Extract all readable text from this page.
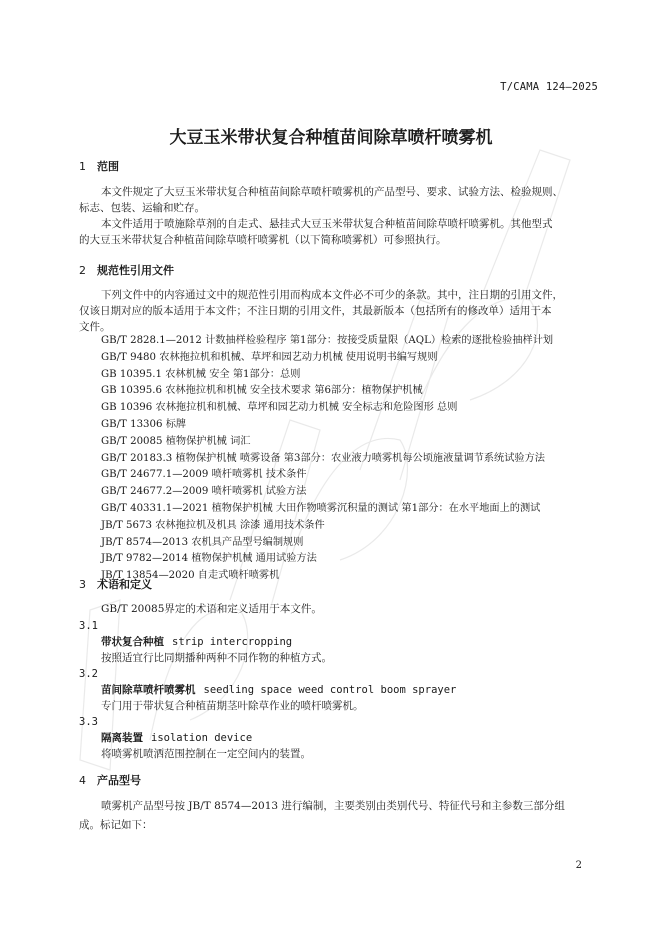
T/CAMA 124—2025
大豆玉米带状复合种植苗间除草喷杆喷雾机
1 范围
本文件规定了大豆玉米带状复合种植苗间除草喷杆喷雾机的产品型号、要求、试验方法、检验规则、
标志、包装、运输和贮存。
本文件适用于喷施除草剂的自走式、悬挂式大豆玉米带状复合种植苗间除草喷杆喷雾机。其他型式
的大豆玉米带状复合种植苗间除草喷杆喷雾机（以下简称喷雾机）可参照执行。
2 规范性引用文件
下列文件中的内容通过文中的规范性引用而构成本文件必不可少的条款。其中，注日期的引用文件，
仅该日期对应的版本适用于本文件；不注日期的引用文件，其最新版本（包括所有的修改单）适用于本
文件。
GB/T 2828.1—2012 计数抽样检验程序 第1部分：按接受质量限（AQL）检索的逐批检验抽样计划
GB/T 9480 农林拖拉机和机械、草坪和园艺动力机械 使用说明书编写规则
GB 10395.1 农林机械 安全 第1部分：总则
GB 10395.6 农林拖拉机和机械 安全技术要求 第6部分：植物保护机械
GB 10396 农林拖拉机和机械、草坪和园艺动力机械 安全标志和危险图形 总则
GB/T 13306 标牌
GB/T 20085 植物保护机械 词汇
GB/T 20183.3 植物保护机械 喷雾设备 第3部分：农业液力喷雾机每公顷施液量调节系统试验方法
GB/T 24677.1—2009 喷杆喷雾机 技术条件
GB/T 24677.2—2009 喷杆喷雾机 试验方法
GB/T 40331.1—2021 植物保护机械 大田作物喷雾沉积量的测试 第1部分：在水平地面上的测试
JB/T 5673 农林拖拉机及机具 涂漆 通用技术条件
JB/T 8574—2013 农机具产品型号编制规则
JB/T 9782—2014 植物保护机械 通用试验方法
JB/T 13854—2020 自走式喷杆喷雾机
3 术语和定义
GB/T 20085界定的术语和定义适用于本文件。
3.1
带状复合种植 strip intercropping
按照适宜行比同期播种两种不同作物的种植方式。
3.2
苗间除草喷杆喷雾机 seedling space weed control boom sprayer
专门用于带状复合种植苗期茎叶除草作业的喷杆喷雾机。
3.3
隔离装置 isolation device
将喷雾机喷洒范围控制在一定空间内的装置。
4 产品型号
喷雾机产品型号按 JB/T 8574—2013 进行编制，主要类别由类别代号、特征代号和主参数三部分组
成。标记如下：
2
